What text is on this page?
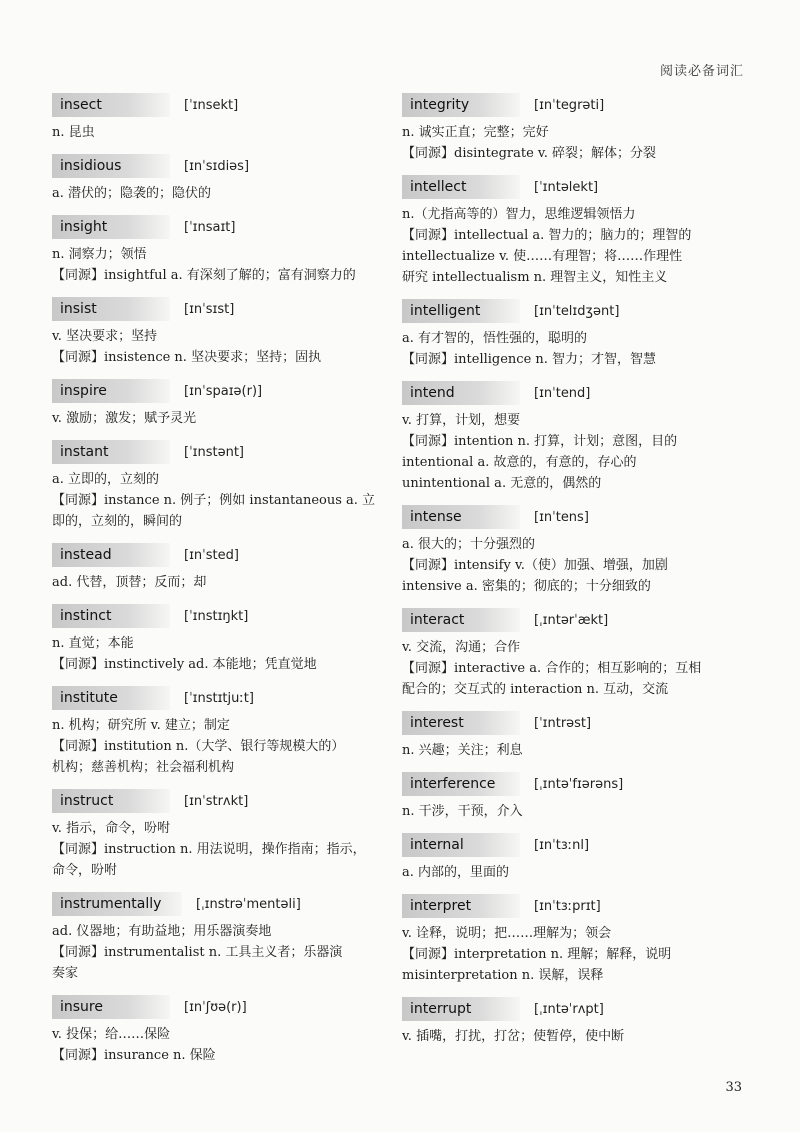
阅读必备词汇
insect	[ˈɪnsekt]
n. 昆虫
insidious	[ɪnˈsɪdiəs]
a. 潜伏的；隐袭的；隐伏的
insight	[ˈɪnsaɪt]
n. 洞察力；领悟
【同源】insightful a. 有深刻了解的；富有洞察力的
insist	[ɪnˈsɪst]
v. 坚决要求；坚持
【同源】insistence n. 坚决要求；坚持；固执
inspire	[ɪnˈspaɪə(r)]
v. 激励；激发；赋予灵光
instant	[ˈɪnstənt]
a. 立即的，立刻的
【同源】instance n. 例子；例如 instantaneous a. 立
即的，立刻的，瞬间的
instead	[ɪnˈsted]
ad. 代替，顶替；反而；却
instinct	[ˈɪnstɪŋkt]
n. 直觉；本能
【同源】instinctively ad. 本能地；凭直觉地
institute	[ˈɪnstɪtjuːt]
n. 机构；研究所 v. 建立；制定
【同源】institution n.（大学、银行等规模大的）
机构；慈善机构；社会福利机构
instruct	[ɪnˈstrʌkt]
v. 指示，命令，吩咐
【同源】instruction n. 用法说明，操作指南；指示，
命令，吩咐
instrumentally	[ˌɪnstrəˈmentəli]
ad. 仪器地；有助益地；用乐器演奏地
【同源】instrumentalist n. 工具主义者；乐器演
奏家
insure	[ɪnˈʃʊə(r)]
v. 投保；给……保险
【同源】insurance n. 保险
integrity	[ɪnˈtegrəti]
n. 诚实正直；完整；完好
【同源】disintegrate v. 碎裂；解体；分裂
intellect	[ˈɪntəlekt]
n.（尤指高等的）智力，思维逻辑领悟力
【同源】intellectual a. 智力的；脑力的；理智的
intellectualize v. 使……有理智；将……作理性
研究 intellectualism n. 理智主义，知性主义
intelligent	[ɪnˈtelɪdʒənt]
a. 有才智的，悟性强的，聪明的
【同源】intelligence n. 智力；才智，智慧
intend	[ɪnˈtend]
v. 打算，计划，想要
【同源】intention n. 打算，计划；意图，目的
intentional a. 故意的，有意的，存心的
unintentional a. 无意的，偶然的
intense	[ɪnˈtens]
a. 很大的；十分强烈的
【同源】intensify v.（使）加强、增强，加剧
intensive a. 密集的；彻底的；十分细致的
interact	[ˌɪntərˈækt]
v. 交流，沟通；合作
【同源】interactive a. 合作的；相互影响的；互相
配合的；交互式的 interaction n. 互动，交流
interest	[ˈɪntrəst]
n. 兴趣；关注；利息
interference	[ˌɪntəˈfɪərəns]
n. 干涉，干预，介入
internal	[ɪnˈtɜːnl]
a. 内部的，里面的
interpret	[ɪnˈtɜːprɪt]
v. 诠释，说明；把……理解为；领会
【同源】interpretation n. 理解；解释，说明
misinterpretation n. 误解，误释
interrupt	[ˌɪntəˈrʌpt]
v. 插嘴，打扰，打岔；使暂停，使中断
33
